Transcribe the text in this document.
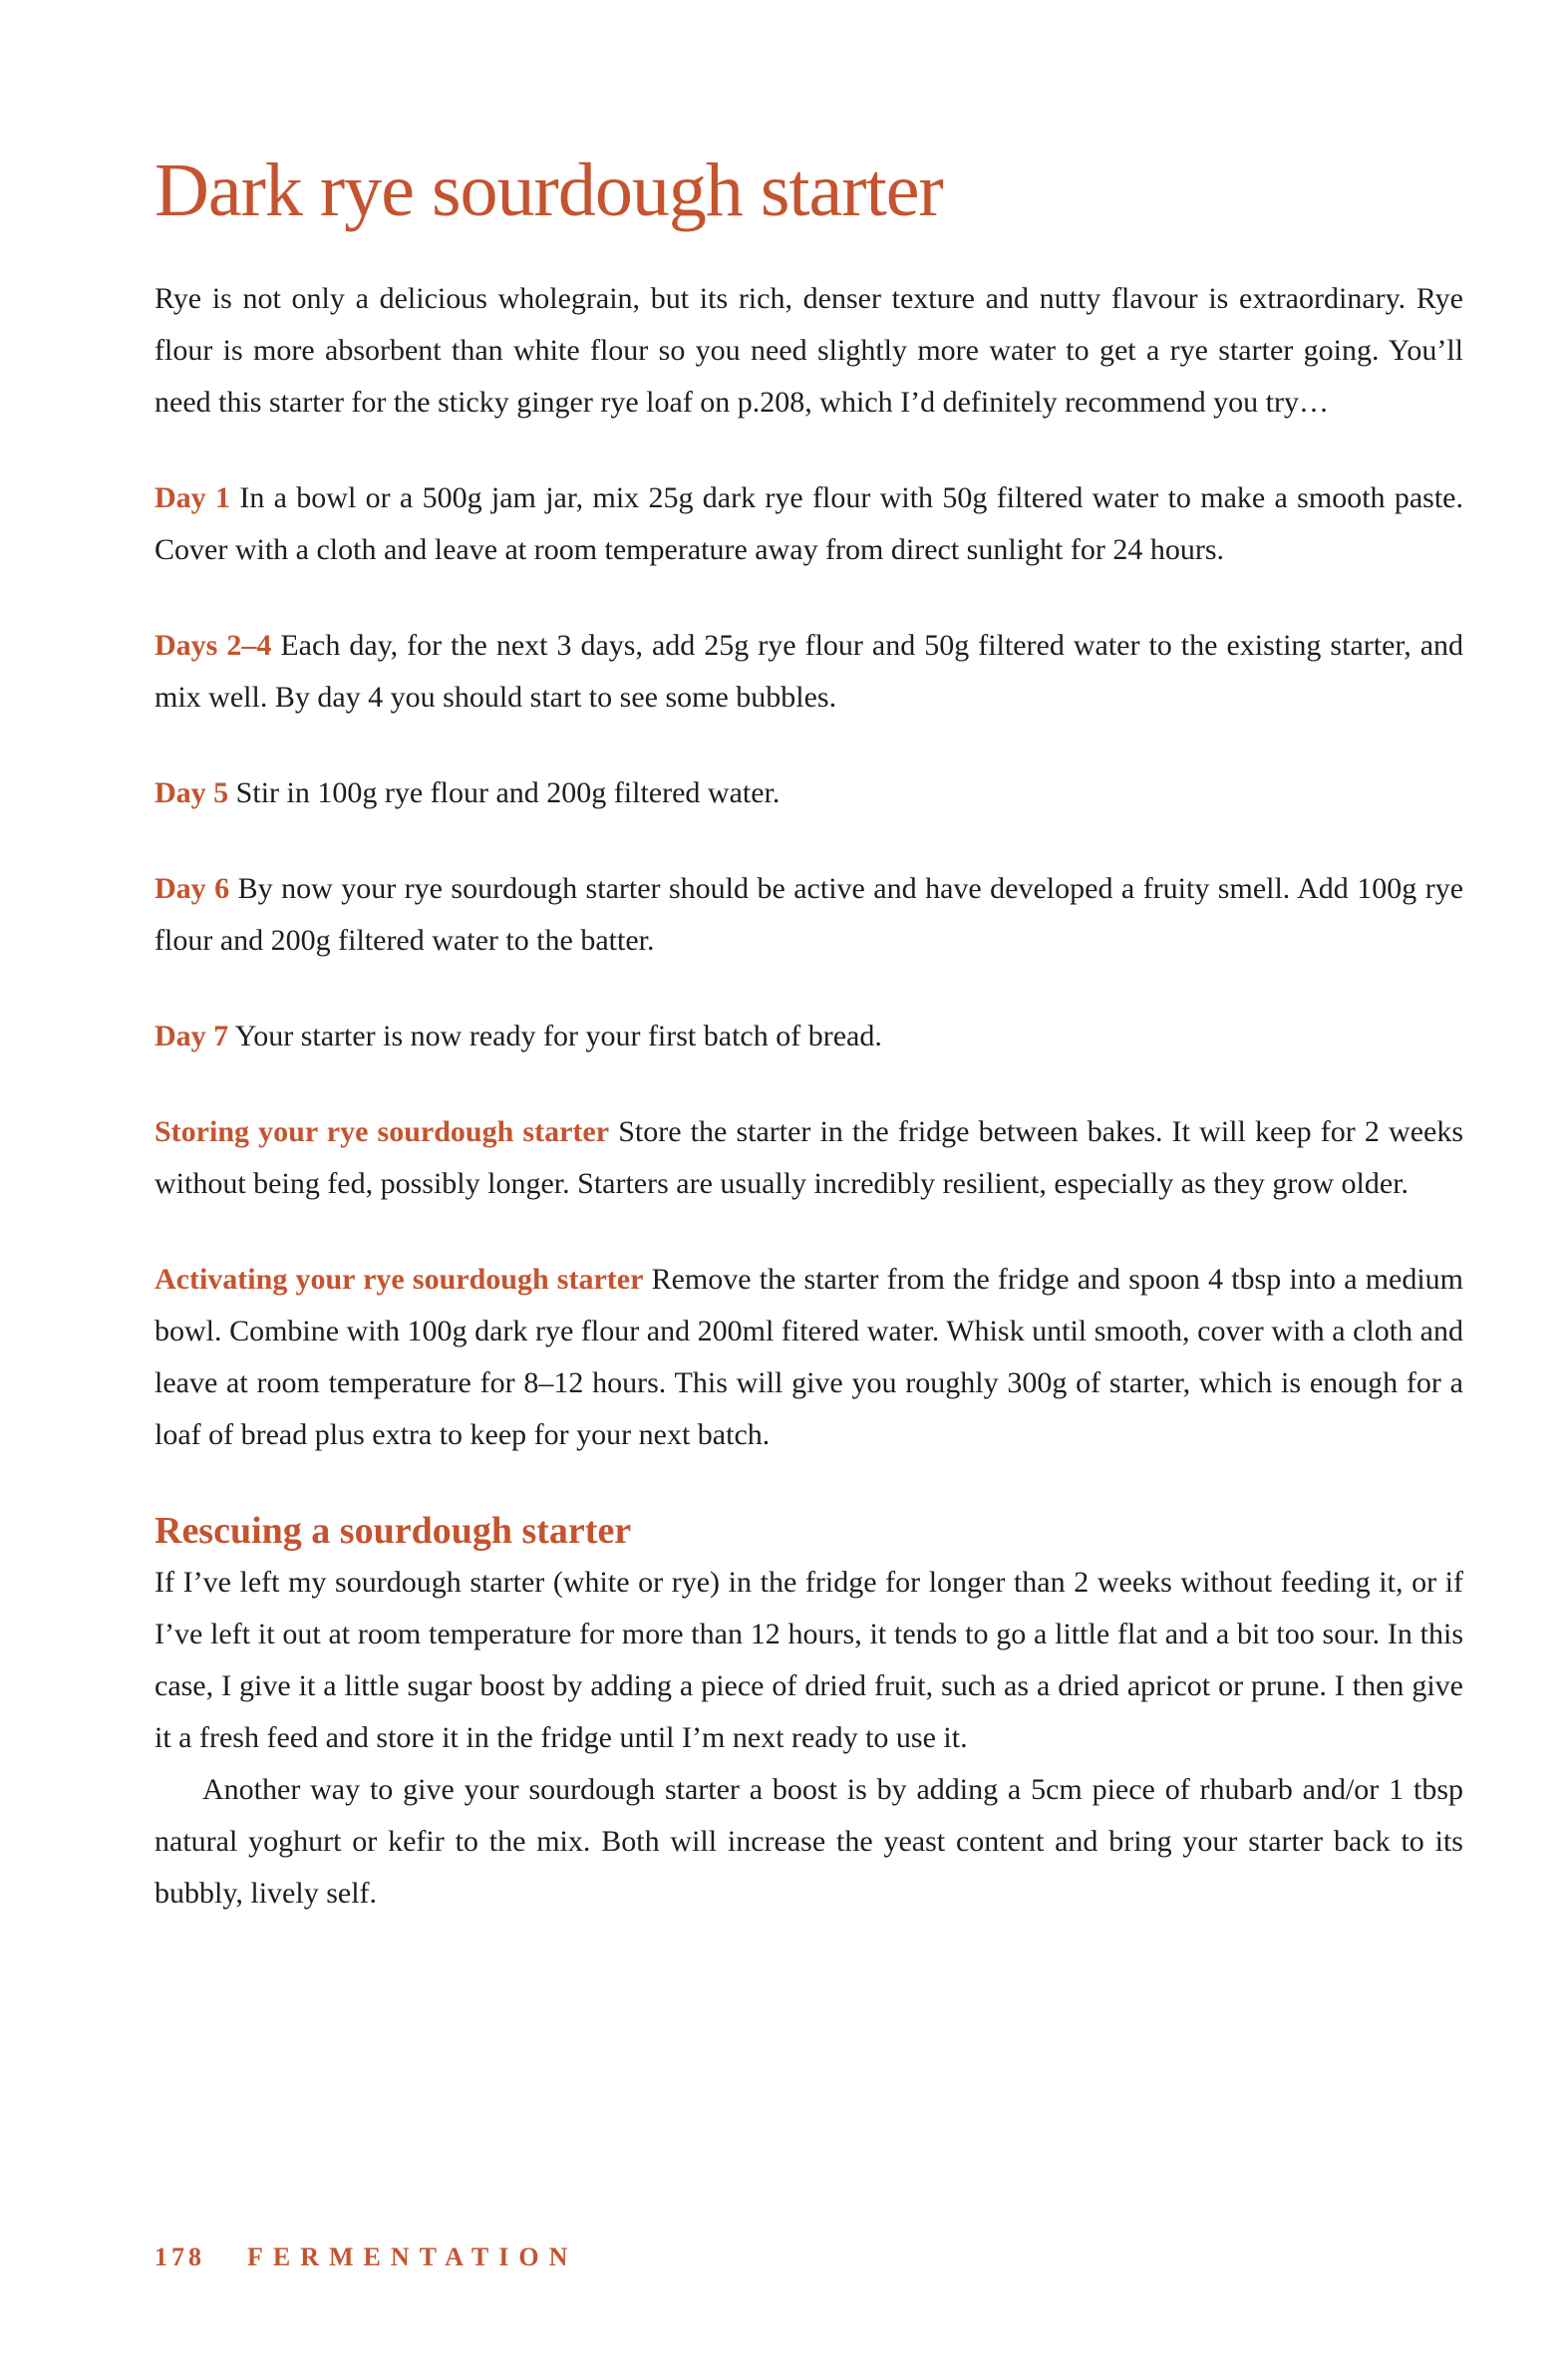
Dark rye sourdough starter

Rye is not only a delicious wholegrain, but its rich, denser texture and nutty flavour is extraordinary. Rye flour is more absorbent than white flour so you need slightly more water to get a rye starter going. You’ll need this starter for the sticky ginger rye loaf on p.208, which I’d definitely recommend you try…

Day 1 In a bowl or a 500g jam jar, mix 25g dark rye flour with 50g filtered water to make a smooth paste. Cover with a cloth and leave at room temperature away from direct sunlight for 24 hours.

Days 2–4 Each day, for the next 3 days, add 25g rye flour and 50g filtered water to the existing starter, and mix well. By day 4 you should start to see some bubbles.

Day 5 Stir in 100g rye flour and 200g filtered water.

Day 6 By now your rye sourdough starter should be active and have developed a fruity smell. Add 100g rye flour and 200g filtered water to the batter.

Day 7 Your starter is now ready for your first batch of bread.

Storing your rye sourdough starter Store the starter in the fridge between bakes. It will keep for 2 weeks without being fed, possibly longer. Starters are usually incredibly resilient, especially as they grow older.

Activating your rye sourdough starter Remove the starter from the fridge and spoon 4 tbsp into a medium bowl. Combine with 100g dark rye flour and 200ml fitered water. Whisk until smooth, cover with a cloth and leave at room temperature for 8–12 hours. This will give you roughly 300g of starter, which is enough for a loaf of bread plus extra to keep for your next batch.

Rescuing a sourdough starter

If I’ve left my sourdough starter (white or rye) in the fridge for longer than 2 weeks without feeding it, or if I’ve left it out at room temperature for more than 12 hours, it tends to go a little flat and a bit too sour. In this case, I give it a little sugar boost by adding a piece of dried fruit, such as a dried apricot or prune. I then give it a fresh feed and store it in the fridge until I’m next ready to use it.

Another way to give your sourdough starter a boost is by adding a 5cm piece of rhubarb and/or 1 tbsp natural yoghurt or kefir to the mix. Both will increase the yeast content and bring your starter back to its bubbly, lively self.

178 FERMENTATION
